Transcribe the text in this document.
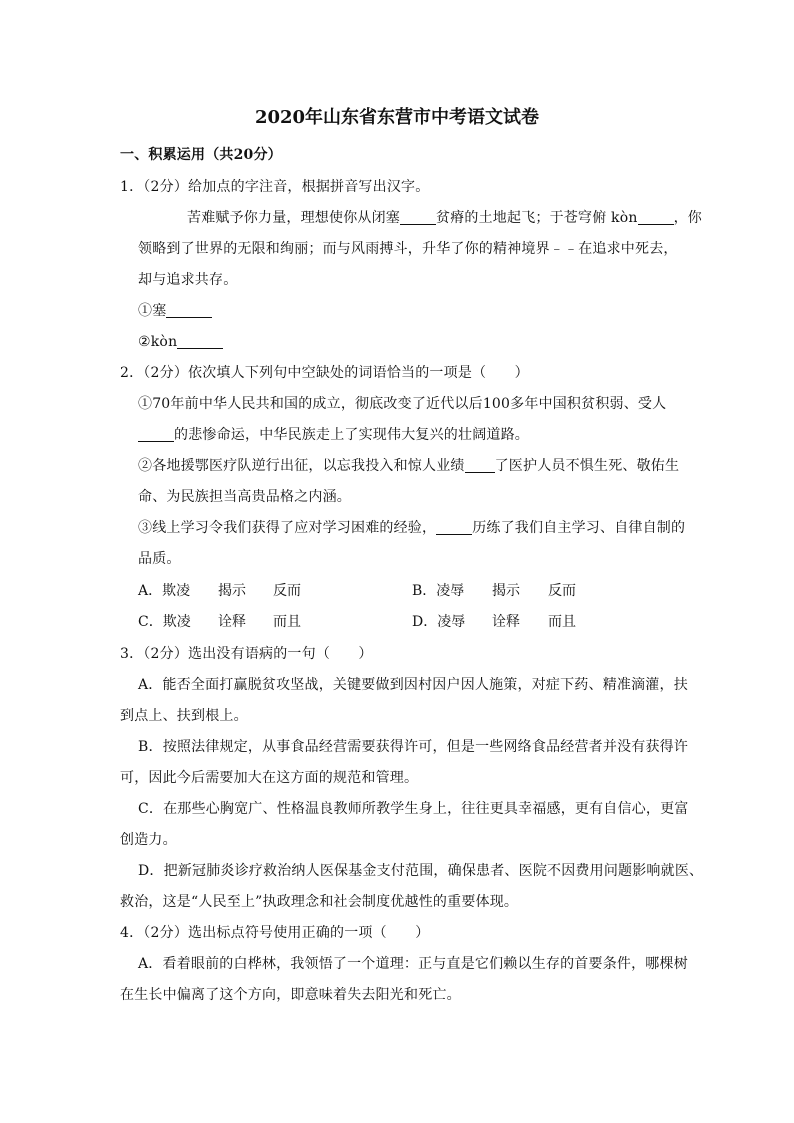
2020年山东省东营市中考语文试卷
一、积累运用（共20分）
1．（2分）给加点的字注音，根据拼音写出汉字。
苦难赋予你力量，理想使你从闭塞	贫瘠的土地起飞；于苍穹俯 kòn	，你
领略到了世界的无限和绚丽；而与风雨搏斗，升华了你的精神境界﹣﹣在追求中死去，
却与追求共存。
①塞
②kòn
2．（2分）依次填人下列句中空缺处的词语恰当的一项是（　　）
①70年前中华人民共和国的成立，彻底改变了近代以后100多年中国积贫积弱、受人
的悲惨命运，中华民族走上了实现伟大复兴的壮阔道路。
②各地援鄂医疗队逆行出征，以忘我投入和惊人业绩 了医护人员不惧生死、敬佑生
命、为民族担当高贵品格之内涵。
③线上学习令我们获得了应对学习困难的经验，	历练了我们自主学习、自律自制的
品质。
A．欺凌 揭示 反而	B．凌辱 揭示 反而
C．欺凌 诠释 而且	D．凌辱 诠释 而且
3．（2分）选出没有语病的一句（　　）
A．能否全面打赢脱贫攻坚战，关键要做到因村因户因人施策，对症下药、精准滴灌，扶
到点上、扶到根上。
B．按照法律规定，从事食品经营需要获得许可，但是一些网络食品经营者并没有获得许
可，因此今后需要加大在这方面的规范和管理。
C．在那些心胸宽广、性格温良教师所教学生身上，往往更具幸福感，更有自信心，更富
创造力。
D．把新冠肺炎诊疗救治纳人医保基金支付范围，确保患者、医院不因费用问题影响就医、
救治，这是“人民至上”执政理念和社会制度优越性的重要体现。
4．（2分）选出标点符号使用正确的一项（　　）
A．看着眼前的白桦林，我领悟了一个道理：正与直是它们赖以生存的首要条件，哪棵树
在生长中偏离了这个方向，即意味着失去阳光和死亡。
